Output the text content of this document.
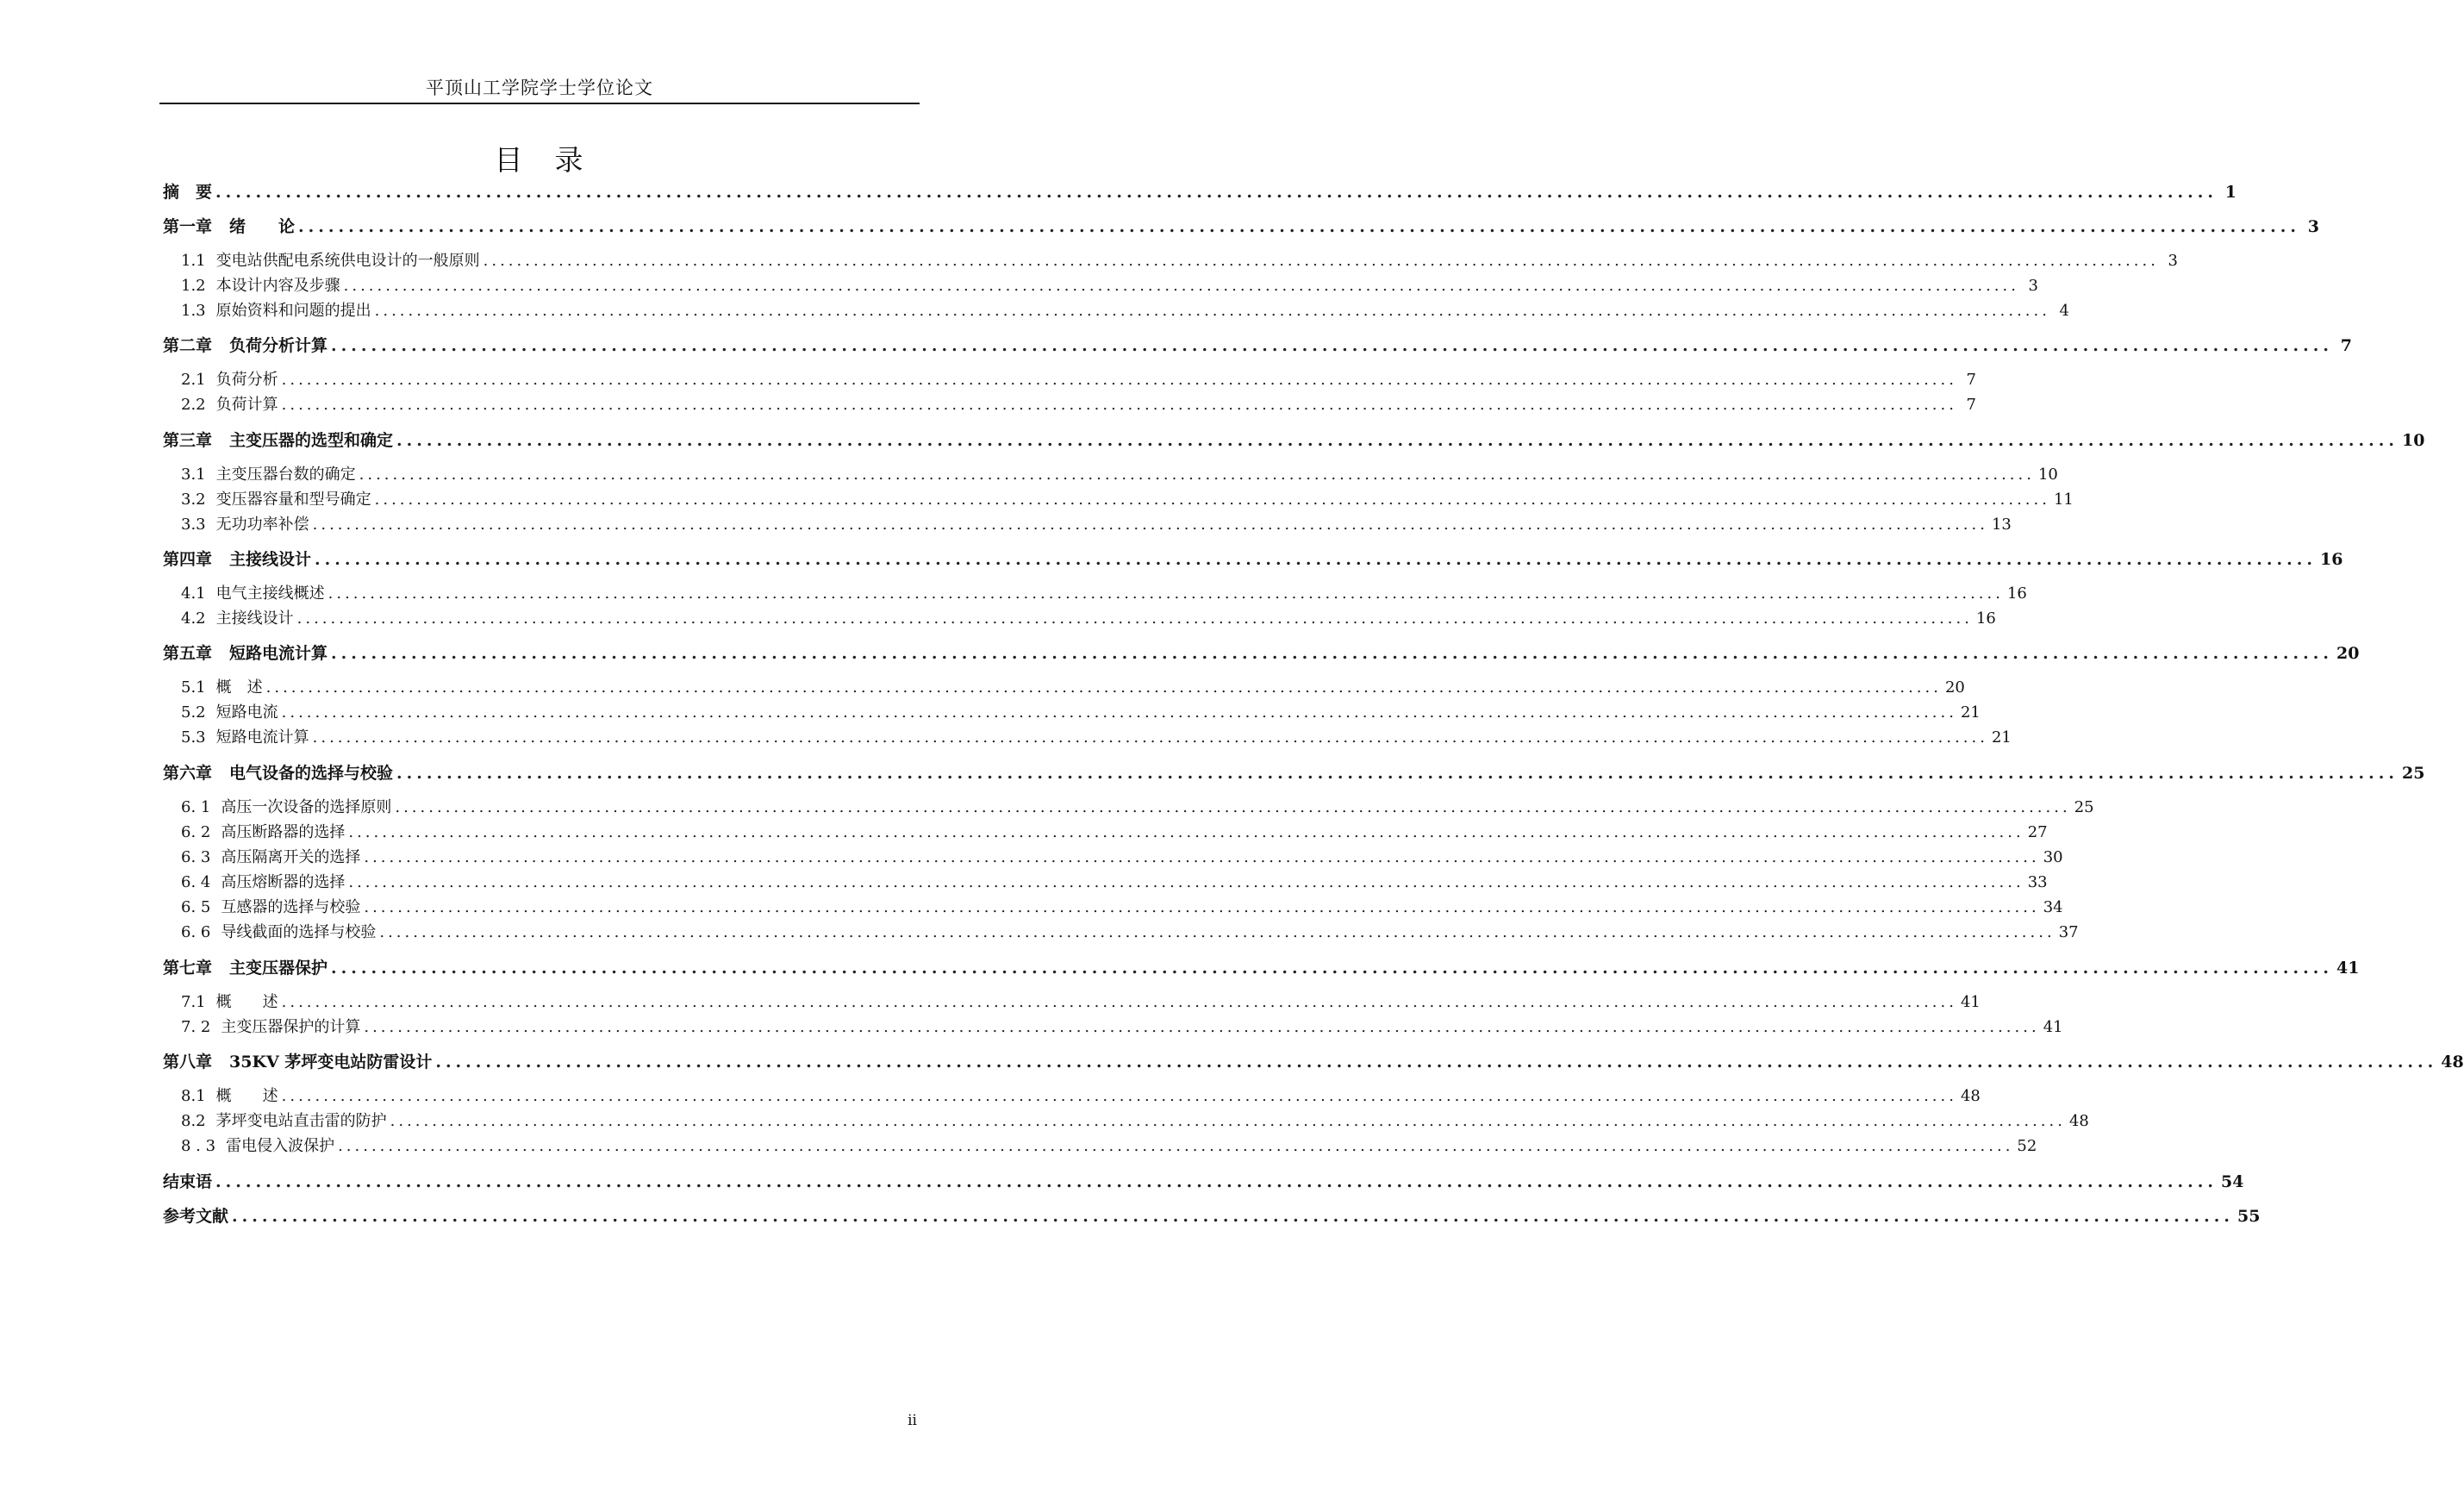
平顶山工学院学士学位论文
目　录
摘　要 ........................................................................................................................................................................................................ 1
第一章 绪　　论 ........................................................................................................................................................................................................ 3
1.1 变电站供配电系统供电设计的一般原则 ........................................................................................................................................................................................................ 3
1.2 本设计内容及步骤 ........................................................................................................................................................................................................ 3
1.3 原始资料和问题的提出 ........................................................................................................................................................................................................ 4
第二章 负荷分析计算 ........................................................................................................................................................................................................ 7
2.1 负荷分析 ........................................................................................................................................................................................................ 7
2.2 负荷计算 ........................................................................................................................................................................................................ 7
第三章 主变压器的选型和确定 ........................................................................................................................................................................................................ 10
3.1 主变压器台数的确定 ........................................................................................................................................................................................................ 10
3.2 变压器容量和型号确定 ........................................................................................................................................................................................................ 11
3.3 无功功率补偿 ........................................................................................................................................................................................................ 13
第四章 主接线设计 ........................................................................................................................................................................................................ 16
4.1 电气主接线概述 ........................................................................................................................................................................................................ 16
4.2 主接线设计 ........................................................................................................................................................................................................ 16
第五章 短路电流计算 ........................................................................................................................................................................................................ 20
5.1 概　述 ........................................................................................................................................................................................................ 20
5.2 短路电流 ........................................................................................................................................................................................................ 21
5.3 短路电流计算 ........................................................................................................................................................................................................ 21
第六章 电气设备的选择与校验 ........................................................................................................................................................................................................ 25
6. 1 高压一次设备的选择原则 ........................................................................................................................................................................................................ 25
6. 2 高压断路器的选择 ........................................................................................................................................................................................................ 27
6. 3 高压隔离开关的选择 ........................................................................................................................................................................................................ 30
6. 4 高压熔断器的选择 ........................................................................................................................................................................................................ 33
6. 5 互感器的选择与校验 ........................................................................................................................................................................................................ 34
6. 6 导线截面的选择与校验 ........................................................................................................................................................................................................ 37
第七章 主变压器保护 ........................................................................................................................................................................................................ 41
7.1 概　　述 ........................................................................................................................................................................................................ 41
7. 2 主变压器保护的计算 ........................................................................................................................................................................................................ 41
第八章 35KV 茅坪变电站防雷设计 ........................................................................................................................................................................................................ 48
8.1 概　　述 ........................................................................................................................................................................................................ 48
8.2 茅坪变电站直击雷的防护 ........................................................................................................................................................................................................ 48
8 . 3 雷电侵入波保护 ........................................................................................................................................................................................................ 52
结束语 ........................................................................................................................................................................................................ 54
参考文献 ........................................................................................................................................................................................................ 55
ii
